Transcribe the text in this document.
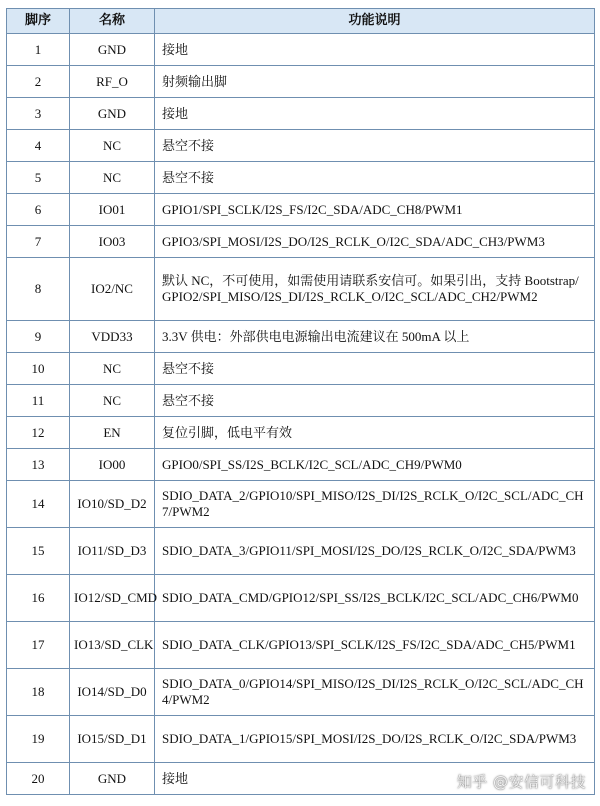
脚序	名称	功能说明
1	GND	接地
2	RF_O	射频输出脚
3	GND	接地
4	NC	悬空不接
5	NC	悬空不接
6	IO01	GPIO1/SPI_SCLK/I2S_FS/I2C_SDA/ADC_CH8/PWM1
7	IO03	GPIO3/SPI_MOSI/I2S_DO/I2S_RCLK_O/I2C_SDA/ADC_CH3/PWM3
8	IO2/NC	默认 NC，不可使用，如需使用请联系安信可。如果引出，支持 Bootstrap/GPIO2/SPI_MISO/I2S_DI/I2S_RCLK_O/I2C_SCL/ADC_CH2/PWM2
9	VDD33	3.3V 供电：外部供电电源输出电流建议在 500mA 以上
10	NC	悬空不接
11	NC	悬空不接
12	EN	复位引脚，低电平有效
13	IO00	GPIO0/SPI_SS/I2S_BCLK/I2C_SCL/ADC_CH9/PWM0
14	IO10/SD_D2	SDIO_DATA_2/GPIO10/SPI_MISO/I2S_DI/I2S_RCLK_O/I2C_SCL/ADC_CH7/PWM2
15	IO11/SD_D3	SDIO_DATA_3/GPIO11/SPI_MOSI/I2S_DO/I2S_RCLK_O/I2C_SDA/PWM3
16	IO12/SD_CMD	SDIO_DATA_CMD/GPIO12/SPI_SS/I2S_BCLK/I2C_SCL/ADC_CH6/PWM0
17	IO13/SD_CLK	SDIO_DATA_CLK/GPIO13/SPI_SCLK/I2S_FS/I2C_SDA/ADC_CH5/PWM1
18	IO14/SD_D0	SDIO_DATA_0/GPIO14/SPI_MISO/I2S_DI/I2S_RCLK_O/I2C_SCL/ADC_CH4/PWM2
19	IO15/SD_D1	SDIO_DATA_1/GPIO15/SPI_MOSI/I2S_DO/I2S_RCLK_O/I2C_SDA/PWM3
20	GND	接地	知乎 @安信可科技
